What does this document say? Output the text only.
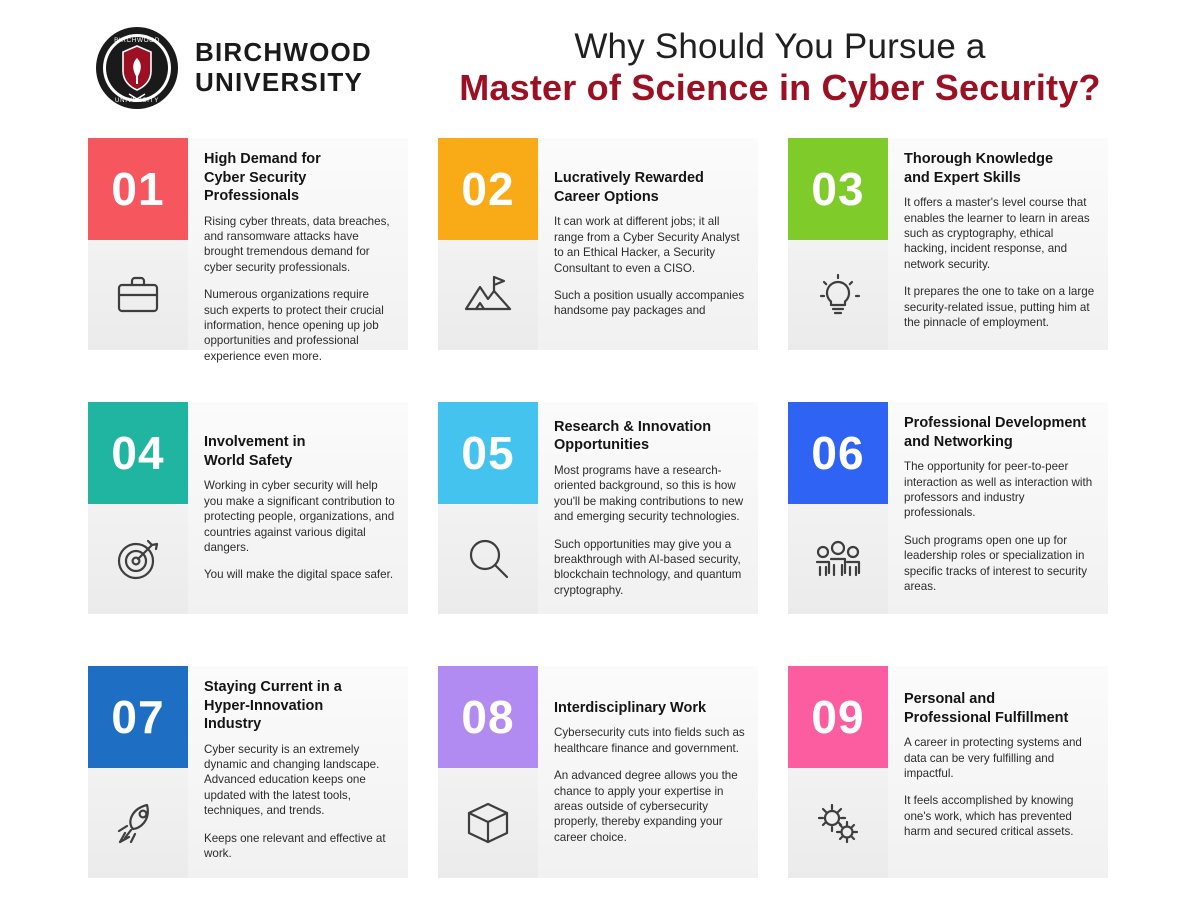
BIRCHWOOD
UNIVERSITY
BIRCHWOOD
UNIVERSITY
Why Should You Pursue a
Master of Science in Cyber Security?
01
High Demand for
Cyber Security Professionals

Rising cyber threats, data breaches, and ransomware attacks have brought tremendous demand for cyber security professionals.

Numerous organizations require such experts to protect their crucial information, hence opening up job opportunities and professional experience even more.

02	Lucratively Rewarded
Career Options

It can work at different jobs; it all range from a Cyber Security Analyst to an Ethical Hacker, a Security Consultant to even a CISO.

Such a position usually accompanies handsome pay packages and

03
Thorough Knowledge
and Expert Skills

It offers a master's level course that enables the learner to learn in areas such as cryptography, ethical hacking, incident response, and network security.

It prepares the one to take on a large security-related issue, putting him at the pinnacle of employment.

04	Involvement in
World Safety

Working in cyber security will help you make a significant contribution to protecting people, organizations, and countries against various digital dangers.

You will make the digital space safer.

05
Research & Innovation
Opportunities

Most programs have a research-oriented background, so this is how you'll be making contributions to new and emerging security technologies.

Such opportunities may give you a breakthrough with AI-based security, blockchain technology, and quantum cryptography.

06
Professional Development
and Networking

The opportunity for peer-to-peer interaction as well as interaction with professors and industry professionals.

Such programs open one up for leadership roles or specialization in specific tracks of interest to security areas.

07
Staying Current in a
Hyper-Innovation
Industry

Cyber security is an extremely dynamic and changing landscape. Advanced education keeps one updated with the latest tools, techniques, and trends.

Keeps one relevant and effective at work.

08	Interdisciplinary Work

Cybersecurity cuts into fields such as healthcare finance and government.

An advanced degree allows you the chance to apply your expertise in areas outside of cybersecurity properly, thereby expanding your career choice.

09	Personal and
Professional Fulfillment

A career in protecting systems and data can be very fulfilling and impactful.

It feels accomplished by knowing one's work, which has prevented harm and secured critical assets.
